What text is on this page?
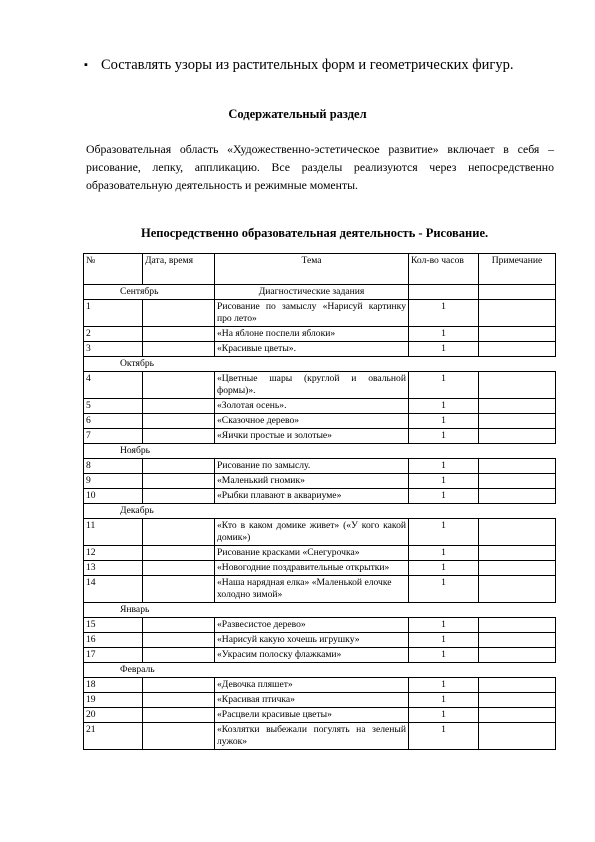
▪ Составлять узоры из растительных форм и геометрических фигур.
Содержательный раздел
Образовательная область «Художественно-эстетическое развитие» включает в себя – рисование, лепку, аппликацию. Все разделы реализуются через непосредственно образовательную деятельность и режимные моменты.
Непосредственно образовательная деятельность - Рисование.
№	Дата, время	Тема	Кол-во часов	Примечание
Сентябрь		Диагностические задания		
1		Рисование по замыслу «Нарисуй картинку про лето»	1	
2		«На яблоне поспели яблоки»	1	
3		«Красивые цветы».	1	
Октябрь				
4		«Цветные шары (круглой и овальной формы)».	1	
5		«Золотая осень».	1	
6		«Сказочное дерево»	1	
7		«Яички простые и золотые»	1	
Ноябрь				
8		Рисование по замыслу.	1	
9		«Маленький гномик»	1	
10		«Рыбки плавают в аквариуме»	1	
Декабрь				
11		«Кто в каком домике живет» («У кого какой домик»)	1	
12		Рисование красками «Снегурочка»	1	
13		«Новогодние поздравительные открытки»	1	
14		«Наша нарядная елка» «Маленькой елочке холодно зимой»	1	
Январь				
15		«Развесистое дерево»	1	
16		«Нарисуй какую хочешь игрушку»	1	
17		«Украсим полоску флажками»	1	
Февраль				
18		«Девочка пляшет»	1	
19		«Красивая птичка»	1	
20		«Расцвели красивые цветы»	1	
21		«Козлятки выбежали погулять на зеленый лужок»	1	
